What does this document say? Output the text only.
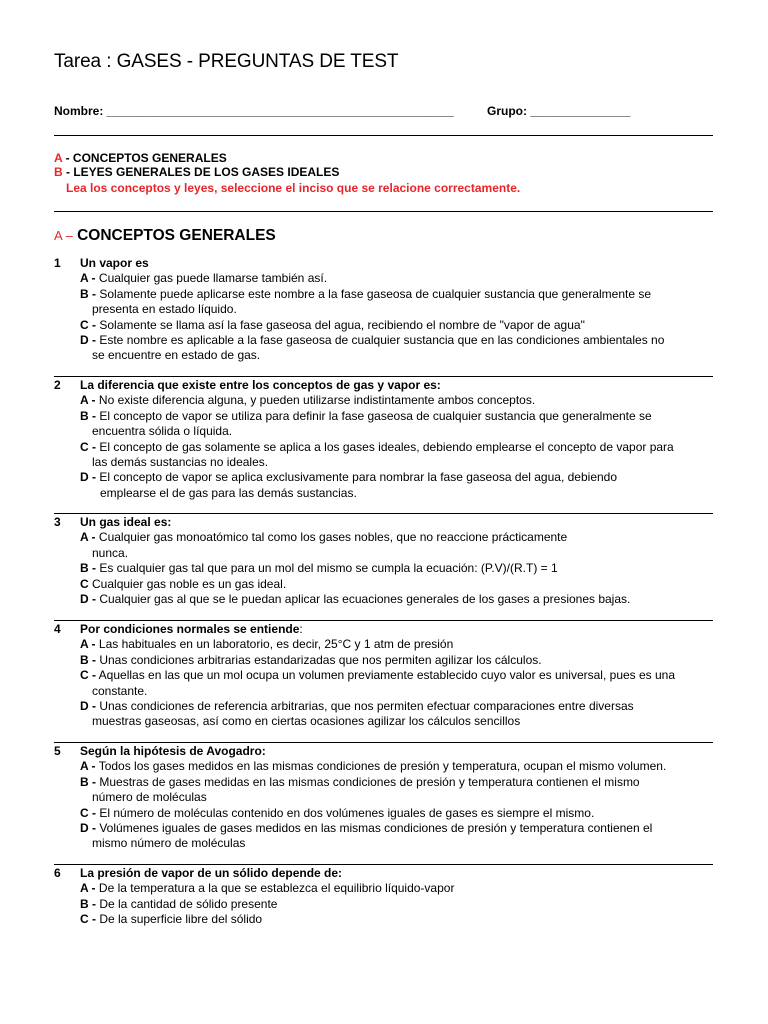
Tarea : GASES - PREGUNTAS DE TEST
Nombre: ____________________________________________________	Grupo: _______________
A - CONCEPTOS GENERALES
B - LEYES GENERALES DE LOS GASES IDEALES
Lea los conceptos y leyes, seleccione el inciso que se relacione correctamente.
A – CONCEPTOS GENERALES
1 Un vapor es
A - Cualquier gas puede llamarse también así.
B - Solamente puede aplicarse este nombre a la fase gaseosa de cualquier sustancia que generalmente se
presenta en estado líquido.
C - Solamente se llama así la fase gaseosa del agua, recibiendo el nombre de "vapor de agua"
D - Este nombre es aplicable a la fase gaseosa de cualquier sustancia que en las condiciones ambientales no
se encuentre en estado de gas.
2 La diferencia que existe entre los conceptos de gas y vapor es:
A - No existe diferencia alguna, y pueden utilizarse indistintamente ambos conceptos.
B - El concepto de vapor se utiliza para definir la fase gaseosa de cualquier sustancia que generalmente se
encuentra sólida o líquida.
C - El concepto de gas solamente se aplica a los gases ideales, debiendo emplearse el concepto de vapor para
las demás sustancias no ideales.
D - El concepto de vapor se aplica exclusivamente para nombrar la fase gaseosa del agua, debiendo
emplearse el de gas para las demás sustancias.
3 Un gas ideal es:
A - Cualquier gas monoatómico tal como los gases nobles, que no reaccione prácticamente
nunca.
B - Es cualquier gas tal que para un mol del mismo se cumpla la ecuación: (P.V)/(R.T) = 1
C Cualquier gas noble es un gas ideal.
D - Cualquier gas al que se le puedan aplicar las ecuaciones generales de los gases a presiones bajas.
4 Por condiciones normales se entiende:
A - Las habituales en un laboratorio, es decir, 25°C y 1 atm de presión
B - Unas condiciones arbitrarias estandarizadas que nos permiten agilizar los cálculos.
C - Aquellas en las que un mol ocupa un volumen previamente establecido cuyo valor es universal, pues es una
constante.
D - Unas condiciones de referencia arbitrarias, que nos permiten efectuar comparaciones entre diversas
muestras gaseosas, así como en ciertas ocasiones agilizar los cálculos sencillos
5 Según la hipótesis de Avogadro:
A - Todos los gases medidos en las mismas condiciones de presión y temperatura, ocupan el mismo volumen.
B - Muestras de gases medidas en las mismas condiciones de presión y temperatura contienen el mismo
número de moléculas
C - El número de moléculas contenido en dos volúmenes iguales de gases es siempre el mismo.
D - Volúmenes iguales de gases medidos en las mismas condiciones de presión y temperatura contienen el
mismo número de moléculas
6 La presión de vapor de un sólido depende de:
A - De la temperatura a la que se establezca el equilibrio líquido-vapor
B - De la cantidad de sólido presente
C - De la superficie libre del sólido
